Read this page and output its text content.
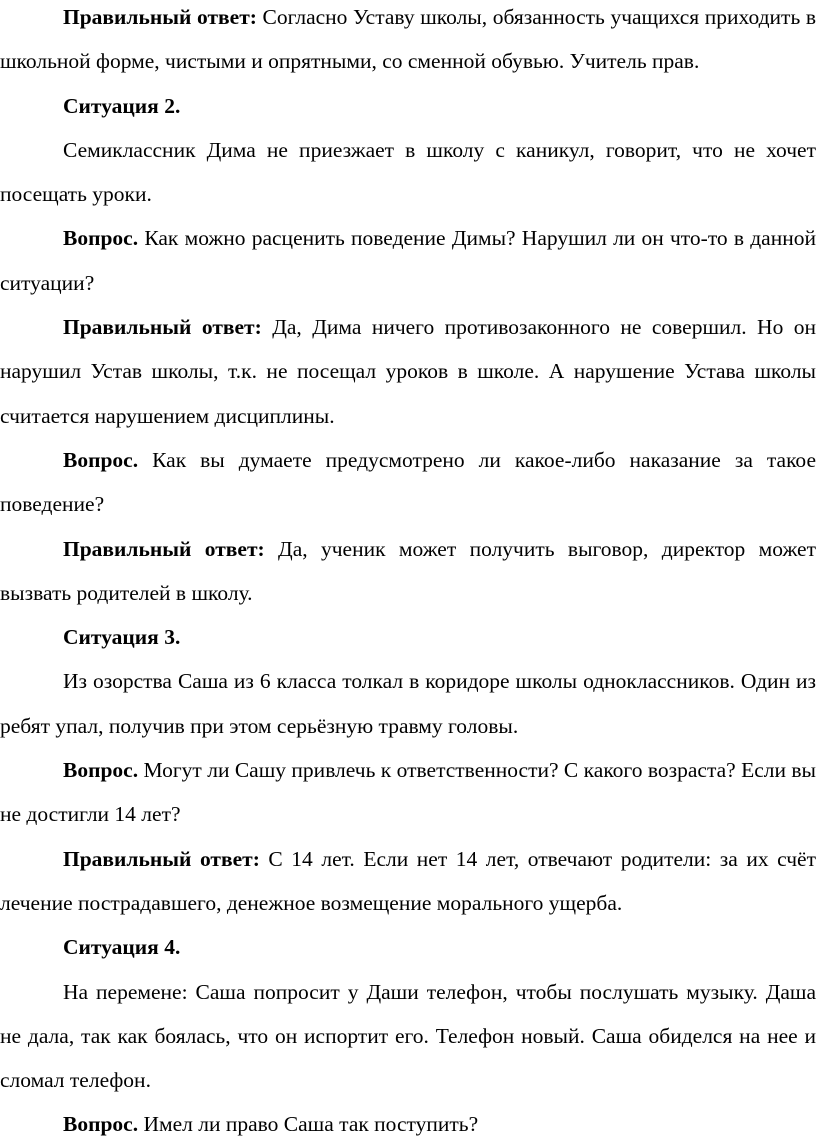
Правильный ответ: Согласно Уставу школы, обязанность учащихся приходить в школьной форме, чистыми и опрятными, со сменной обувью. Учитель прав.

Ситуация 2.

Семиклассник Дима не приезжает в школу с каникул, говорит, что не хочет посещать уроки.

Вопрос. Как можно расценить поведение Димы? Нарушил ли он что-то в данной ситуации?

Правильный ответ: Да, Дима ничего противозаконного не совершил. Но он нарушил Устав школы, т.к. не посещал уроков в школе. А нарушение Устава школы считается нарушением дисциплины.

Вопрос. Как вы думаете предусмотрено ли какое-либо наказание за такое поведение?

Правильный ответ: Да, ученик может получить выговор, директор может вызвать родителей в школу.

Ситуация 3.

Из озорства Саша из 6 класса толкал в коридоре школы одноклассников. Один из ребят упал, получив при этом серьёзную травму головы.

Вопрос. Могут ли Сашу привлечь к ответственности? С какого возраста? Если вы не достигли 14 лет?

Правильный ответ: С 14 лет. Если нет 14 лет, отвечают родители: за их счёт лечение пострадавшего, денежное возмещение морального ущерба.

Ситуация 4.

На перемене: Саша попросит у Даши телефон, чтобы послушать музыку. Даша не дала, так как боялась, что он испортит его. Телефон новый. Саша обиделся на нее и сломал телефон.

Вопрос. Имел ли право Саша так поступить?
